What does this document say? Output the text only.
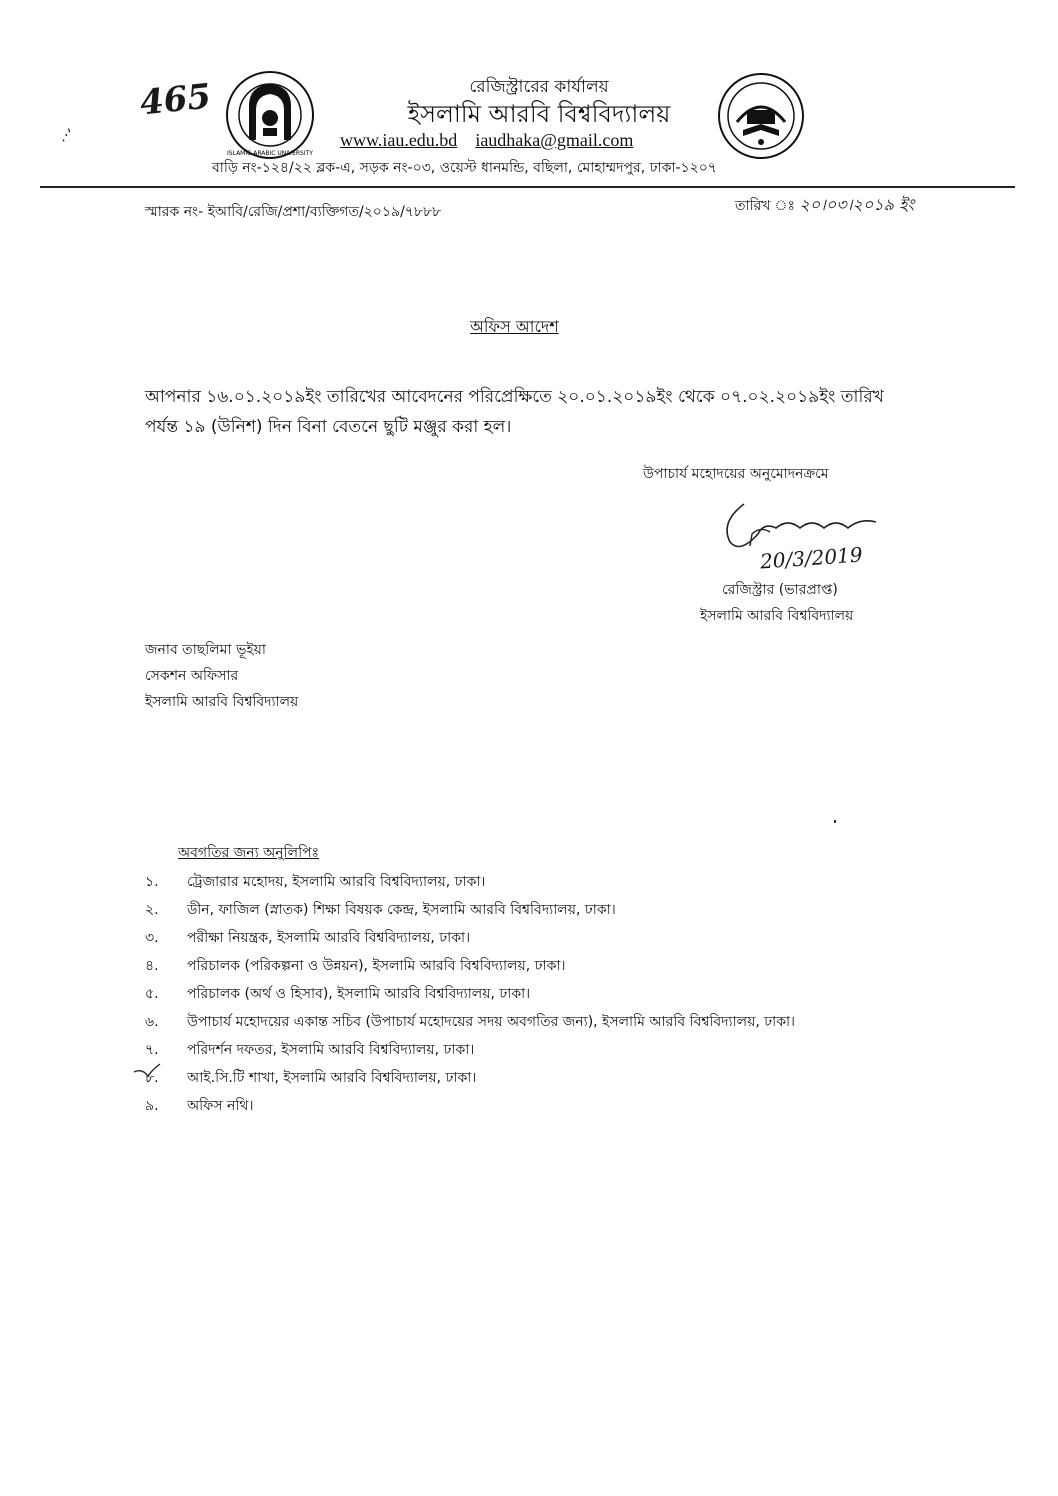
465
.·'
ISLAMIC ARABIC UNIVERSITY
রেজিস্ট্রারের কার্যালয়
ইসলামি আরবি বিশ্ববিদ্যালয়
www.iau.edu.bd iaudhaka@gmail.com
বাড়ি নং-১২৪/২২ ব্লক-এ, সড়ক নং-০৩, ওয়েস্ট ধানমন্ডি, বছিলা, মোহাম্মদপুর, ঢাকা-১২০৭
স্মারক নং- ইআবি/রেজি/প্রশা/ব্যক্তিগত/২০১৯/৭৮৮৮	তারিখ ঃ ২০।০৩।২০১৯ ইং
অফিস আদেশ
আপনার ১৬.০১.২০১৯ইং তারিখের আবেদনের পরিপ্রেক্ষিতে ২০.০১.২০১৯ইং থেকে ০৭.০২.২০১৯ইং তারিখ
পর্যন্ত ১৯ (উনিশ) দিন বিনা বেতনে ছুটি মঞ্জুর করা হল।
উপাচার্য মহোদয়ের অনুমোদনক্রমে
20/3/2019
রেজিস্ট্রার (ভারপ্রাপ্ত)
ইসলামি আরবি বিশ্ববিদ্যালয়
জনাব তাছলিমা ভূইয়া
সেকশন অফিসার
ইসলামি আরবি বিশ্ববিদ্যালয়
অবগতির জন্য অনুলিপিঃ
১. ট্রেজারার মহোদয়, ইসলামি আরবি বিশ্ববিদ্যালয়, ঢাকা।
২. ডীন, ফাজিল (স্নাতক) শিক্ষা বিষয়ক কেন্দ্র, ইসলামি আরবি বিশ্ববিদ্যালয়, ঢাকা।
৩. পরীক্ষা নিয়ন্ত্রক, ইসলামি আরবি বিশ্ববিদ্যালয়, ঢাকা।
৪. পরিচালক (পরিকল্পনা ও উন্নয়ন), ইসলামি আরবি বিশ্ববিদ্যালয়, ঢাকা।
৫. পরিচালক (অর্থ ও হিসাব), ইসলামি আরবি বিশ্ববিদ্যালয়, ঢাকা।
৬. উপাচার্য মহোদয়ের একান্ত সচিব (উপাচার্য মহোদয়ের সদয় অবগতির জন্য), ইসলামি আরবি বিশ্ববিদ্যালয়, ঢাকা।
৭. পরিদর্শন দফতর, ইসলামি আরবি বিশ্ববিদ্যালয়, ঢাকা।
৮. আই.সি.টি শাখা, ইসলামি আরবি বিশ্ববিদ্যালয়, ঢাকা।
৯. অফিস নথি।
